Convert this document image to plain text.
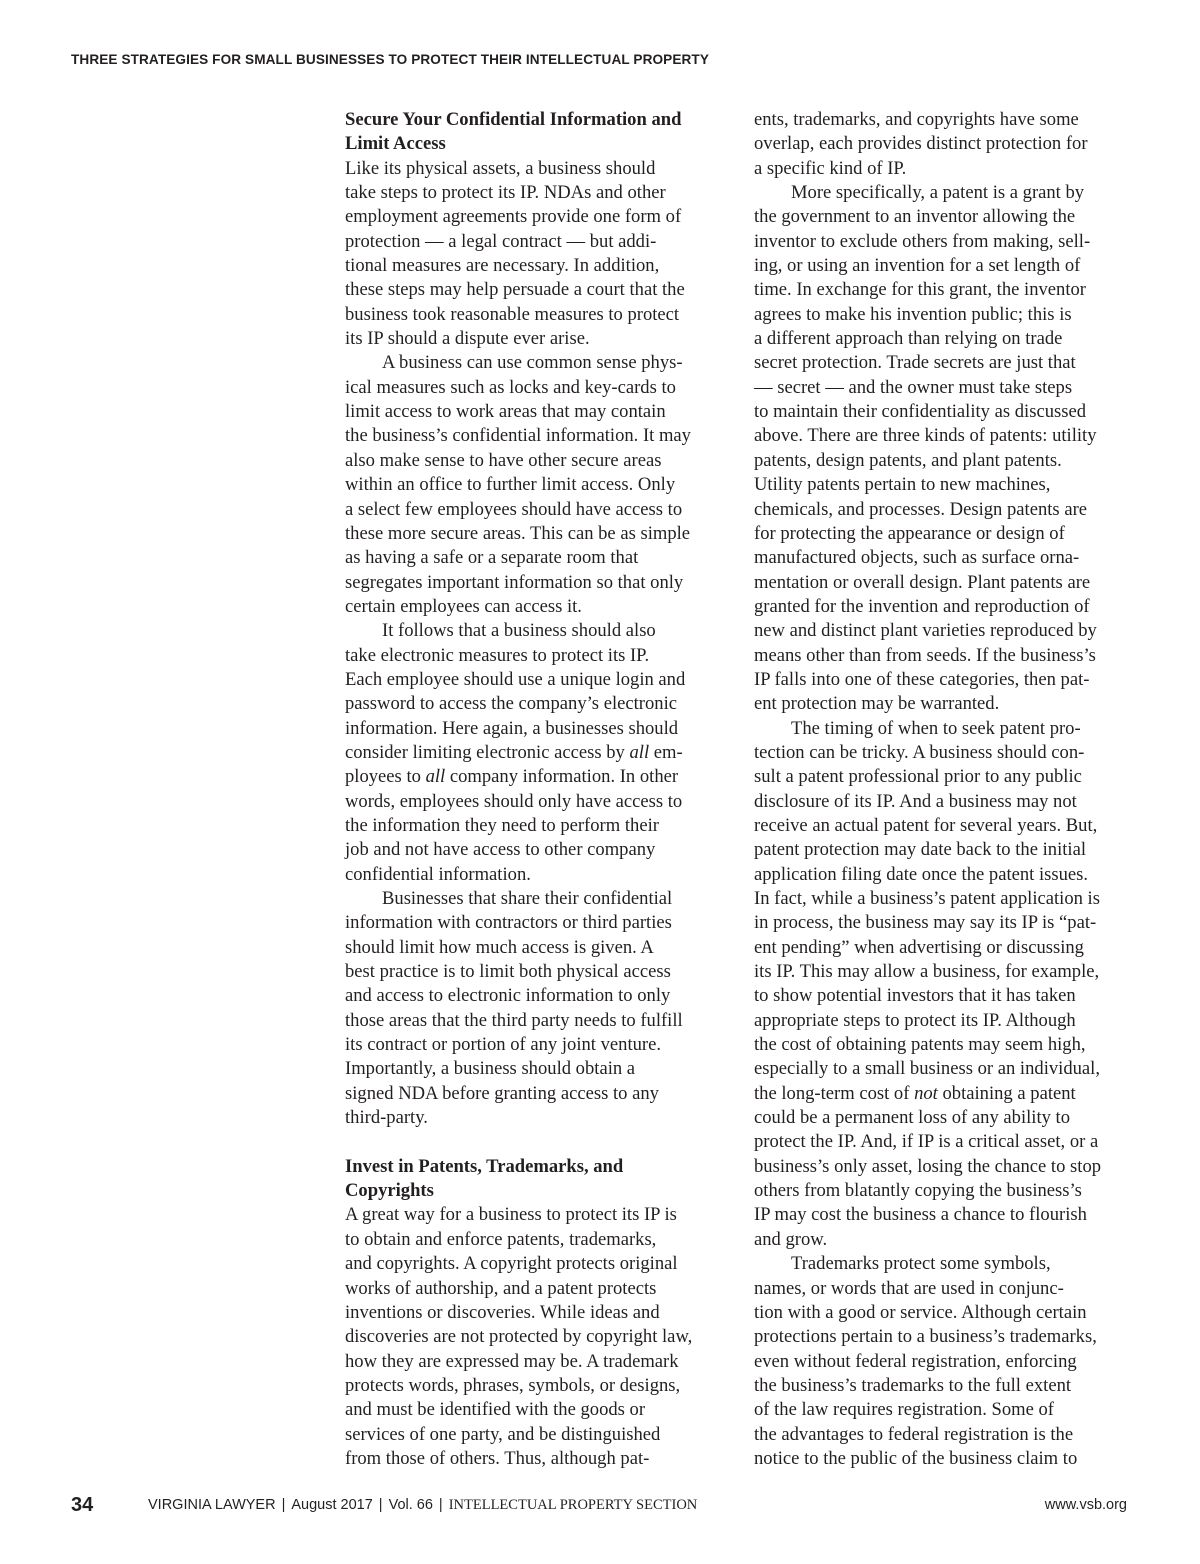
THREE STRATEGIES FOR SMALL BUSINESSES TO PROTECT THEIR INTELLECTUAL PROPERTY
Secure Your Confidential Information and
Limit Access
Like its physical assets, a business should
take steps to protect its IP. NDAs and other
employment agreements provide one form of
protection — a legal contract — but addi-
tional measures are necessary. In addition,
these steps may help persuade a court that the
business took reasonable measures to protect
its IP should a dispute ever arise.
A business can use common sense phys-
ical measures such as locks and key-cards to
limit access to work areas that may contain
the business’s confidential information. It may
also make sense to have other secure areas
within an office to further limit access. Only
a select few employees should have access to
these more secure areas. This can be as simple
as having a safe or a separate room that
segregates important information so that only
certain employees can access it.
It follows that a business should also
take electronic measures to protect its IP.
Each employee should use a unique login and
password to access the company’s electronic
information. Here again, a businesses should
consider limiting electronic access by all em-
ployees to all company information. In other
words, employees should only have access to
the information they need to perform their
job and not have access to other company
confidential information.
Businesses that share their confidential
information with contractors or third parties
should limit how much access is given. A
best practice is to limit both physical access
and access to electronic information to only
those areas that the third party needs to fulfill
its contract or portion of any joint venture.
Importantly, a business should obtain a
signed NDA before granting access to any
third-party.
Invest in Patents, Trademarks, and
Copyrights
A great way for a business to protect its IP is
to obtain and enforce patents, trademarks,
and copyrights. A copyright protects original
works of authorship, and a patent protects
inventions or discoveries. While ideas and
discoveries are not protected by copyright law,
how they are expressed may be. A trademark
protects words, phrases, symbols, or designs,
and must be identified with the goods or
services of one party, and be distinguished
from those of others. Thus, although pat-
ents, trademarks, and copyrights have some
overlap, each provides distinct protection for
a specific kind of IP.
More specifically, a patent is a grant by
the government to an inventor allowing the
inventor to exclude others from making, sell-
ing, or using an invention for a set length of
time. In exchange for this grant, the inventor
agrees to make his invention public; this is
a different approach than relying on trade
secret protection. Trade secrets are just that
— secret — and the owner must take steps
to maintain their confidentiality as discussed
above. There are three kinds of patents: utility
patents, design patents, and plant patents.
Utility patents pertain to new machines,
chemicals, and processes. Design patents are
for protecting the appearance or design of
manufactured objects, such as surface orna-
mentation or overall design. Plant patents are
granted for the invention and reproduction of
new and distinct plant varieties reproduced by
means other than from seeds. If the business’s
IP falls into one of these categories, then pat-
ent protection may be warranted.
The timing of when to seek patent pro-
tection can be tricky. A business should con-
sult a patent professional prior to any public
disclosure of its IP. And a business may not
receive an actual patent for several years. But,
patent protection may date back to the initial
application filing date once the patent issues.
In fact, while a business’s patent application is
in process, the business may say its IP is “pat-
ent pending” when advertising or discussing
its IP. This may allow a business, for example,
to show potential investors that it has taken
appropriate steps to protect its IP. Although
the cost of obtaining patents may seem high,
especially to a small business or an individual,
the long-term cost of not obtaining a patent
could be a permanent loss of any ability to
protect the IP. And, if IP is a critical asset, or a
business’s only asset, losing the chance to stop
others from blatantly copying the business’s
IP may cost the business a chance to flourish
and grow.
Trademarks protect some symbols,
names, or words that are used in conjunc-
tion with a good or service. Although certain
protections pertain to a business’s trademarks,
even without federal registration, enforcing
the business’s trademarks to the full extent
of the law requires registration. Some of
the advantages to federal registration is the
notice to the public of the business claim to
34	VIRGINIA LAWYER | August 2017 | Vol. 66 | INTELLECTUAL PROPERTY SECTION	www.vsb.org
